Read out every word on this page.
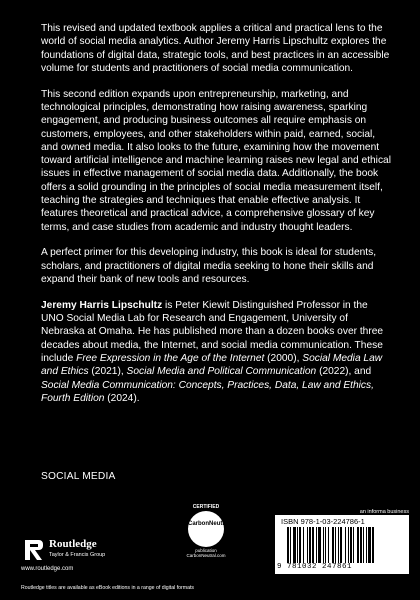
This revised and updated textbook applies a critical and practical lens to the world of social media analytics. Author Jeremy Harris Lipschultz explores the foundations of digital data, strategic tools, and best practices in an accessible volume for students and practitioners of social media communication.

This second edition expands upon entrepreneurship, marketing, and technological principles, demonstrating how raising awareness, sparking engagement, and producing business outcomes all require emphasis on customers, employees, and other stakeholders within paid, earned, social, and owned media. It also looks to the future, examining how the movement toward artificial intelligence and machine learning raises new legal and ethical issues in effective management of social media data. Additionally, the book offers a solid grounding in the principles of social media measurement itself, teaching the strategies and techniques that enable effective analysis. It features theoretical and practical advice, a comprehensive glossary of key terms, and case studies from academic and industry thought leaders.

A perfect primer for this developing industry, this book is ideal for students, scholars, and practitioners of digital media seeking to hone their skills and expand their bank of new tools and resources.

Jeremy Harris Lipschultz is Peter Kiewit Distinguished Professor in the UNO Social Media Lab for Research and Engagement, University of Nebraska at Omaha. He has published more than a dozen books over three decades about media, the Internet, and social media communication. These include Free Expression in the Age of the Internet (2000), Social Media Law and Ethics (2021), Social Media and Political Communication (2022), and Social Media Communication: Concepts, Practices, Data, Law and Ethics, Fourth Edition (2024).

SOCIAL MEDIA
Routledge
Taylor & Francis Group
www.routledge.com
CERTIFIED
CarbonNeutral
publication
CarbonNeutral.com
an informa business
ISBN 978-1-03-224786-1
9 781032 247861
Routledge titles are available as eBook editions in a range of digital formats
